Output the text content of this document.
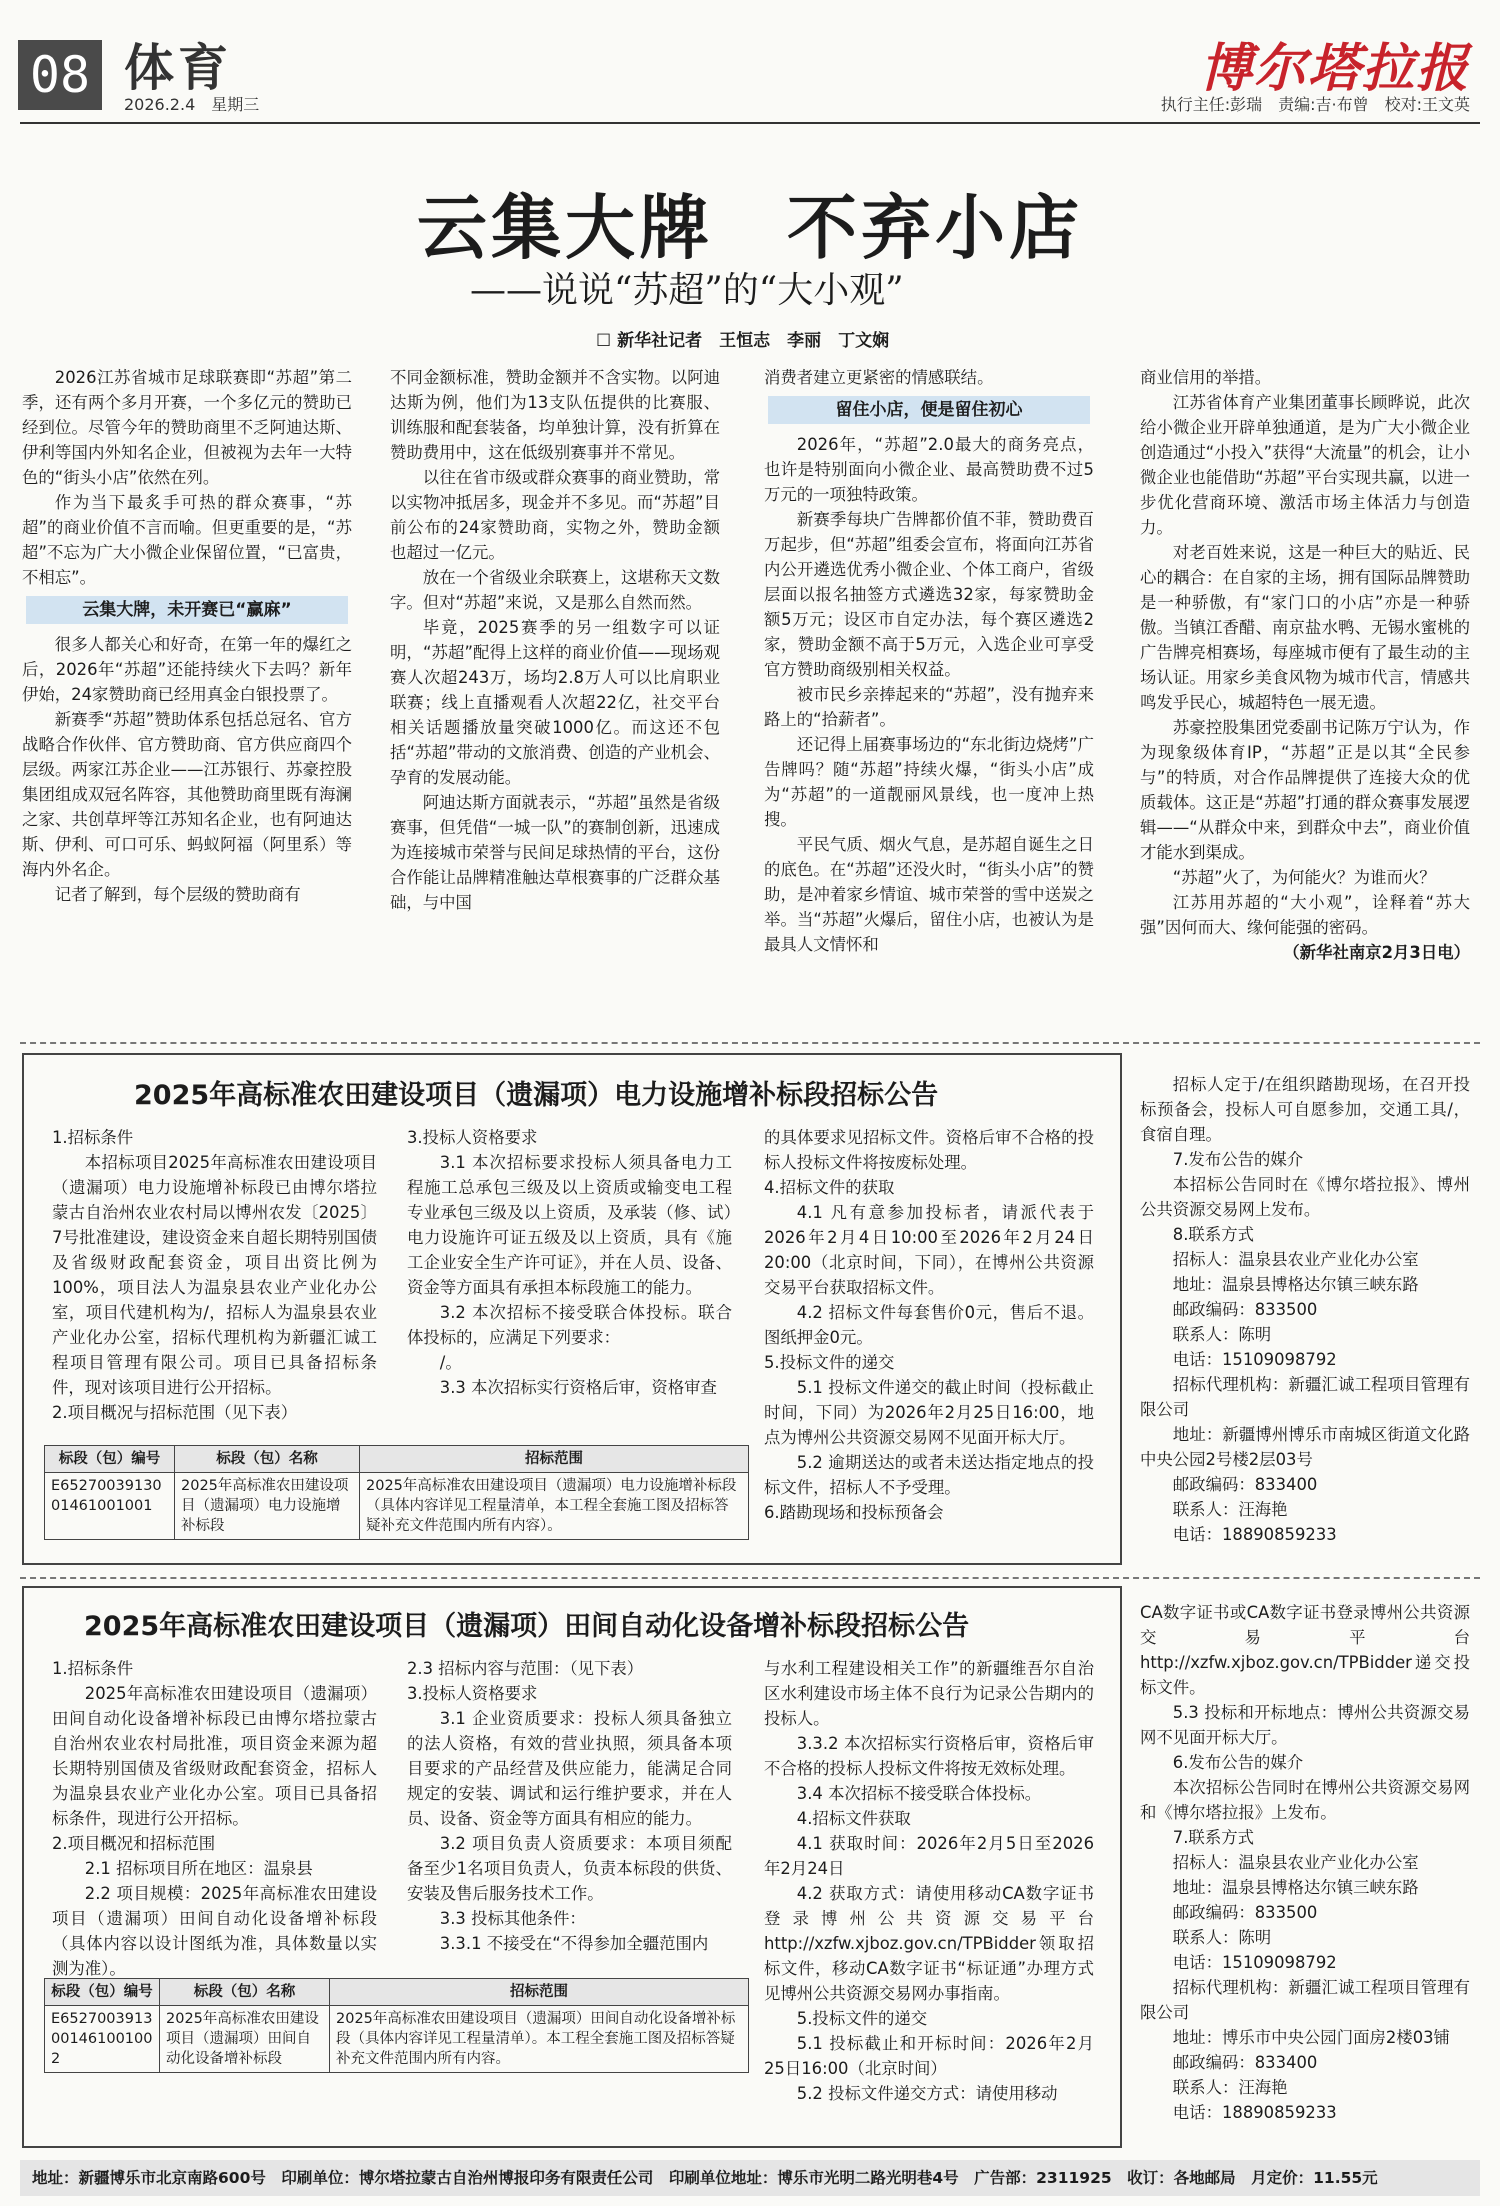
08 体育
2026.2.4　 星期三
博尔塔拉报
执行主任:彭瑞　责编:吉·布曾　校对:王文英
云集大牌　不弃小店
——说说“苏超”的“大小观”
☐ 新华社记者　王恒志　李丽　丁文娴

2026江苏省城市足球联赛即“苏超”第二季，还有两个多月开赛，一个多亿元的赞助已经到位。尽管今年的赞助商里不乏阿迪达斯、伊利等国内外知名企业，但被视为去年一大特色的“街头小店”依然在列。

作为当下最炙手可热的群众赛事，“苏超”的商业价值不言而喻。但更重要的是，“苏超”不忘为广大小微企业保留位置，“已富贵，不相忘”。

云集大牌，未开赛已“赢麻”

很多人都关心和好奇，在第一年的爆红之后，2026年“苏超”还能持续火下去吗？新年伊始，24家赞助商已经用真金白银投票了。

新赛季“苏超”赞助体系包括总冠名、官方战略合作伙伴、官方赞助商、官方供应商四个层级。两家江苏企业——江苏银行、苏豪控股集团组成双冠名阵容，其他赞助商里既有海澜之家、共创草坪等江苏知名企业，也有阿迪达斯、伊利、可口可乐、蚂蚁阿福（阿里系）等海内外名企。

记者了解到，每个层级的赞助商有

不同金额标准，赞助金额并不含实物。以阿迪达斯为例，他们为13支队伍提供的比赛服、训练服和配套装备，均单独计算，没有折算在赞助费用中，这在低级别赛事并不常见。

以往在省市级或群众赛事的商业赞助，常以实物冲抵居多，现金并不多见。而“苏超”目前公布的24家赞助商，实物之外，赞助金额也超过一亿元。

放在一个省级业余联赛上，这堪称天文数字。但对“苏超”来说，又是那么自然而然。

毕竟，2025赛季的另一组数字可以证明，“苏超”配得上这样的商业价值——现场观赛人次超243万，场均2.8万人可以比肩职业联赛；线上直播观看人次超22亿，社交平台相关话题播放量突破1000亿。而这还不包括“苏超”带动的文旅消费、创造的产业机会、孕育的发展动能。

阿迪达斯方面就表示，“苏超”虽然是省级赛事，但凭借“一城一队”的赛制创新，迅速成为连接城市荣誉与民间足球热情的平台，这份合作能让品牌精准触达草根赛事的广泛群众基础，与中国

消费者建立更紧密的情感联结。

留住小店，便是留住初心

2026年，“苏超”2.0最大的商务亮点，也许是特别面向小微企业、最高赞助费不过5万元的一项独特政策。

新赛季每块广告牌都价值不菲，赞助费百万起步，但“苏超”组委会宣布，将面向江苏省内公开遴选优秀小微企业、个体工商户，省级层面以报名抽签方式遴选32家，每家赞助金额5万元；设区市自定办法，每个赛区遴选2家，赞助金额不高于5万元，入选企业可享受官方赞助商级别相关权益。

被市民乡亲捧起来的“苏超”，没有抛弃来路上的“拾薪者”。

还记得上届赛事场边的“东北街边烧烤”广告牌吗？随“苏超”持续火爆，“街头小店”成为“苏超”的一道靓丽风景线，也一度冲上热搜。

平民气质、烟火气息，是苏超自诞生之日的底色。在“苏超”还没火时，“街头小店”的赞助，是冲着家乡情谊、城市荣誉的雪中送炭之举。当“苏超”火爆后，留住小店，也被认为是最具人文情怀和

商业信用的举措。

江苏省体育产业集团董事长顾晔说，此次给小微企业开辟单独通道，是为广大小微企业创造通过“小投入”获得“大流量”的机会，让小微企业也能借助“苏超”平台实现共赢，以进一步优化营商环境、激活市场主体活力与创造力。

对老百姓来说，这是一种巨大的贴近、民心的耦合：在自家的主场，拥有国际品牌赞助是一种骄傲，有“家门口的小店”亦是一种骄傲。当镇江香醋、南京盐水鸭、无锡水蜜桃的广告牌亮相赛场，每座城市便有了最生动的主场认证。用家乡美食风物为城市代言，情感共鸣发乎民心，城超特色一展无遗。

苏豪控股集团党委副书记陈万宁认为，作为现象级体育IP，“苏超”正是以其“全民参与”的特质，对合作品牌提供了连接大众的优质载体。这正是“苏超”打通的群众赛事发展逻辑——“从群众中来，到群众中去”，商业价值才能水到渠成。

“苏超”火了，为何能火？为谁而火？

江苏用苏超的“大小观”，诠释着“苏大强”因何而大、缘何能强的密码。

（新华社南京2月3日电）
2025年高标准农田建设项目（遗漏项）电力设施增补标段招标公告

1.招标条件

本招标项目2025年高标准农田建设项目（遗漏项）电力设施增补标段已由博尔塔拉蒙古自治州农业农村局以博州农发〔2025〕7号批准建设，建设资金来自超长期特别国债及省级财政配套资金，项目出资比例为100%，项目法人为温泉县农业产业化办公室，项目代建机构为/，招标人为温泉县农业产业化办公室，招标代理机构为新疆汇诚工程项目管理有限公司。项目已具备招标条件，现对该项目进行公开招标。

2.项目概况与招标范围（见下表）

3.投标人资格要求

3.1 本次招标要求投标人须具备电力工程施工总承包三级及以上资质或输变电工程专业承包三级及以上资质，及承装（修、试）电力设施许可证五级及以上资质，具有《施工企业安全生产许可证》，并在人员、设备、资金等方面具有承担本标段施工的能力。

3.2 本次招标不接受联合体投标。联合体投标的，应满足下列要求：

/。

3.3 本次招标实行资格后审，资格审查

的具体要求见招标文件。资格后审不合格的投标人投标文件将按废标处理。

4.招标文件的获取

4.1 凡有意参加投标者，请派代表于2026年2月4日10:00至2026年2月24日20:00（北京时间，下同），在博州公共资源交易平台获取招标文件。

4.2 招标文件每套售价0元，售后不退。图纸押金0元。

5.投标文件的递交

5.1 投标文件递交的截止时间（投标截止时间，下同）为2026年2月25日16:00，地点为博州公共资源交易网不见面开标大厅。

5.2 逾期送达的或者未送达指定地点的投标文件，招标人不予受理。

6.踏勘现场和投标预备会

标段（包）编号	标段（包）名称	招标范围
E6527003913001461001001	2025年高标准农田建设项目（遗漏项）电力设施增补标段	2025年高标准农田建设项目（遗漏项）电力设施增补标段（具体内容详见工程量清单，本工程全套施工图及招标答疑补充文件范围内所有内容）。

招标人定于/在组织踏勘现场，在召开投标预备会，投标人可自愿参加，交通工具/，食宿自理。

7.发布公告的媒介

本招标公告同时在《博尔塔拉报》、博州公共资源交易网上发布。

8.联系方式

招标人：温泉县农业产业化办公室

地址：温泉县博格达尔镇三峡东路

邮政编码：833500

联系人：陈明

电话：15109098792

招标代理机构：新疆汇诚工程项目管理有限公司

地址：新疆博州博乐市南城区街道文化路中央公园2号楼2层03号

邮政编码：833400

联系人：汪海艳

电话：18890859233

2025年高标准农田建设项目（遗漏项）田间自动化设备增补标段招标公告

1.招标条件

2025年高标准农田建设项目（遗漏项）田间自动化设备增补标段已由博尔塔拉蒙古自治州农业农村局批准，项目资金来源为超长期特别国债及省级财政配套资金，招标人为温泉县农业产业化办公室。项目已具备招标条件，现进行公开招标。

2.项目概况和招标范围

2.1 招标项目所在地区：温泉县

2.2 项目规模：2025年高标准农田建设项目（遗漏项）田间自动化设备增补标段（具体内容以设计图纸为准，具体数量以实测为准）。

2.3 招标内容与范围：（见下表）

3.投标人资格要求

3.1 企业资质要求：投标人须具备独立的法人资格，有效的营业执照，须具备本项目要求的产品经营及供应能力，能满足合同规定的安装、调试和运行维护要求，并在人员、设备、资金等方面具有相应的能力。

3.2 项目负责人资质要求：本项目须配备至少1名项目负责人，负责本标段的供货、安装及售后服务技术工作。

3.3 投标其他条件：

3.3.1 不接受在“不得参加全疆范围内

与水利工程建设相关工作”的新疆维吾尔自治区水利建设市场主体不良行为记录公告期内的投标人。

3.3.2 本次招标实行资格后审，资格后审不合格的投标人投标文件将按无效标处理。

3.4 本次招标不接受联合体投标。

4.招标文件获取

4.1 获取时间：2026年2月5日至2026年2月24日

4.2 获取方式：请使用移动CA数字证书登录博州公共资源交易平台http://xzfw.xjboz.gov.cn/TPBidder领取招标文件，移动CA数字证书“标证通”办理方式见博州公共资源交易网办事指南。

5.投标文件的递交

5.1 投标截止和开标时间：2026年2月25日16:00（北京时间）

5.2 投标文件递交方式：请使用移动

标段（包）编号	标段（包）名称	招标范围
E6527003913001461001002	2025年高标准农田建设项目（遗漏项）田间自动化设备增补标段	2025年高标准农田建设项目（遗漏项）田间自动化设备增补标段（具体内容详见工程量清单）。本工程全套施工图及招标答疑补充文件范围内所有内容。

CA数字证书或CA数字证书登录博州公共资源交易平台http://xzfw.xjboz.gov.cn/TPBidder递交投标文件。

5.3 投标和开标地点：博州公共资源交易网不见面开标大厅。

6.发布公告的媒介

本次招标公告同时在博州公共资源交易网和《博尔塔拉报》上发布。

7.联系方式

招标人：温泉县农业产业化办公室

地址：温泉县博格达尔镇三峡东路

邮政编码：833500

联系人：陈明

电话：15109098792

招标代理机构：新疆汇诚工程项目管理有限公司

地址：博乐市中央公园门面房2楼03铺

邮政编码：833400

联系人：汪海艳

电话：18890859233

地址：新疆博乐市北京南路600号　印刷单位：博尔塔拉蒙古自治州博报印务有限责任公司　印刷单位地址：博乐市光明二路光明巷4号　广告部：2311925　收订：各地邮局　月定价：11.55元
